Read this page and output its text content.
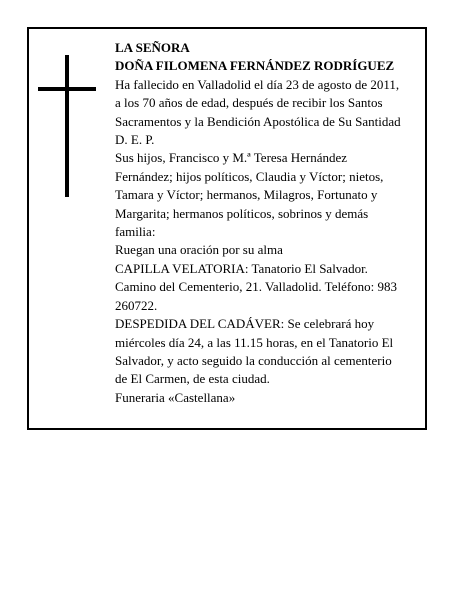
LA SEÑORA
DOÑA FILOMENA FERNÁNDEZ RODRÍGUEZ
Ha fallecido en Valladolid el día 23 de agosto de 2011,
a los 70 años de edad, después de recibir los Santos
Sacramentos y la Bendición Apostólica de Su Santidad
D. E. P.
Sus hijos, Francisco y M.ª Teresa Hernández
Fernández; hijos políticos, Claudia y Víctor; nietos,
Tamara y Víctor; hermanos, Milagros, Fortunato y
Margarita; hermanos políticos, sobrinos y demás
familia:
Ruegan una oración por su alma
CAPILLA VELATORIA: Tanatorio El Salvador.
Camino del Cementerio, 21. Valladolid. Teléfono: 983
260722.
DESPEDIDA DEL CADÁVER: Se celebrará hoy
miércoles día 24, a las 11.15 horas, en el Tanatorio El
Salvador, y acto seguido la conducción al cementerio
de El Carmen, de esta ciudad.
Funeraria «Castellana»
